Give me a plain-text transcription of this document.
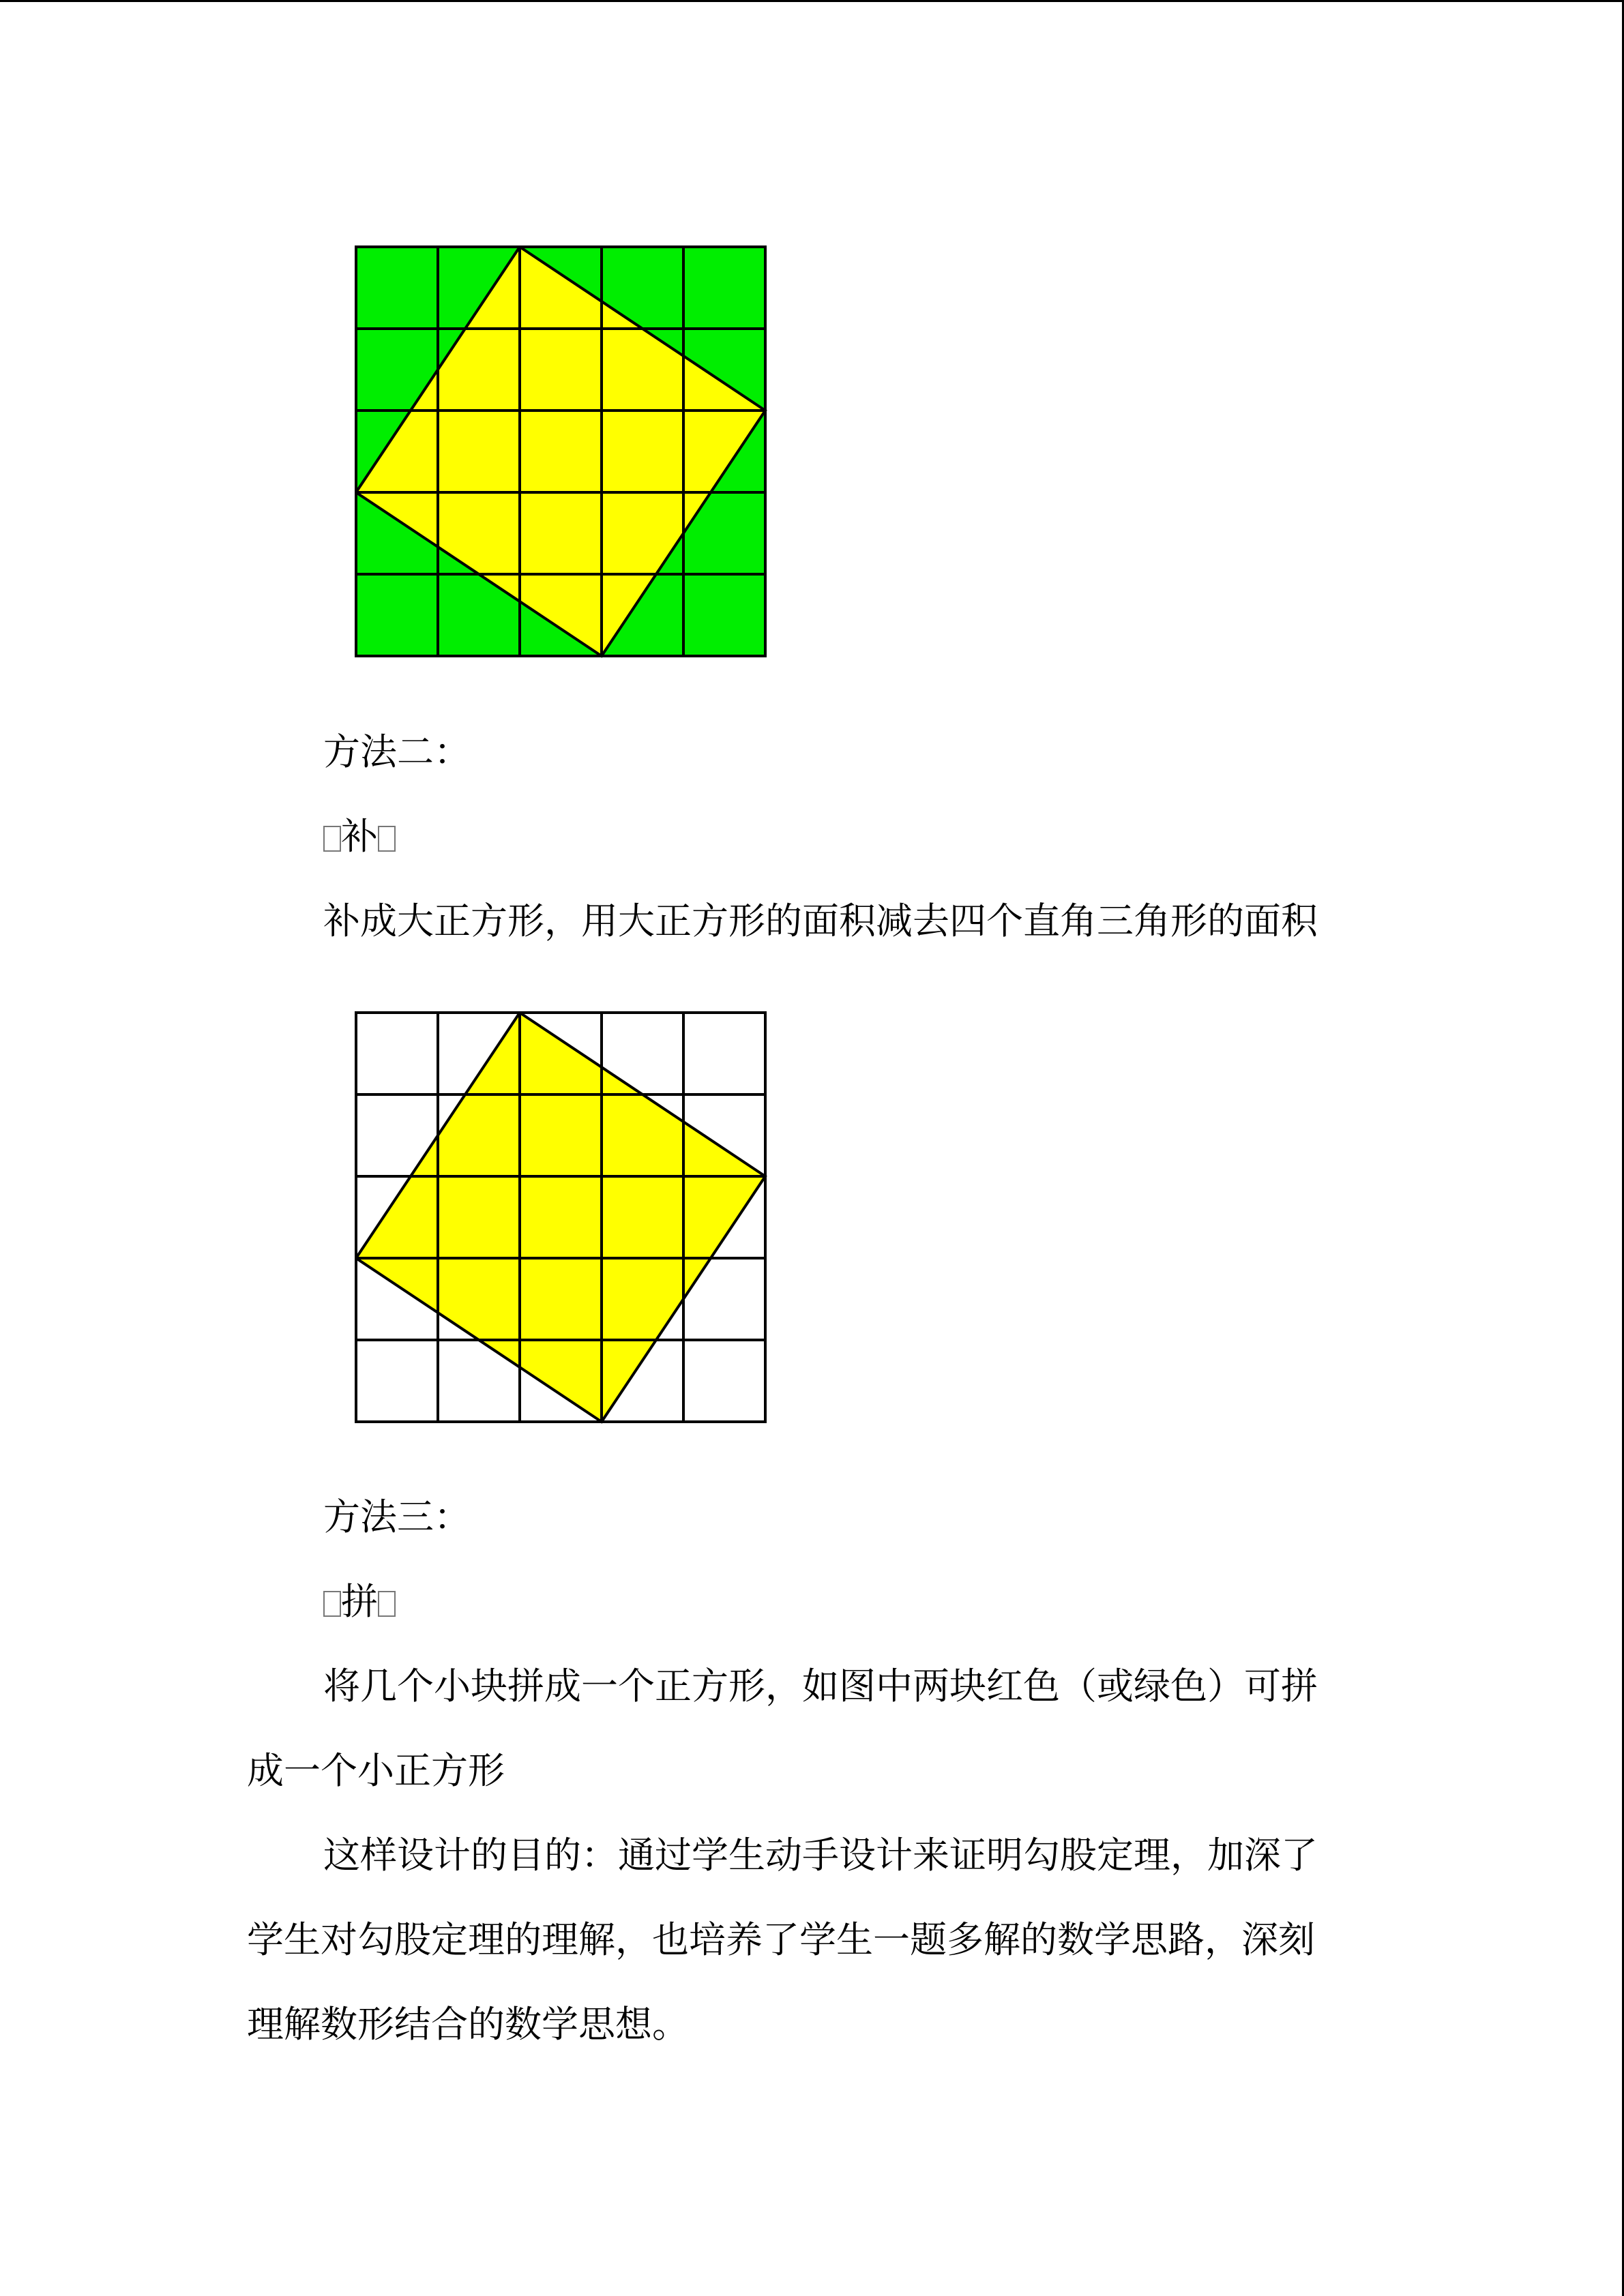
方法二：

补

补成大正方形，用大正方形的面积减去四个直角三角形的面积

方法三：

拼

将几个小块拼成一个正方形，如图中两块红色（或绿色）可拼

成一个小正方形

这样设计的目的：通过学生动手设计来证明勾股定理，加深了

学生对勾股定理的理解，也培养了学生一题多解的数学思路，深刻

理解数形结合的数学思想。
